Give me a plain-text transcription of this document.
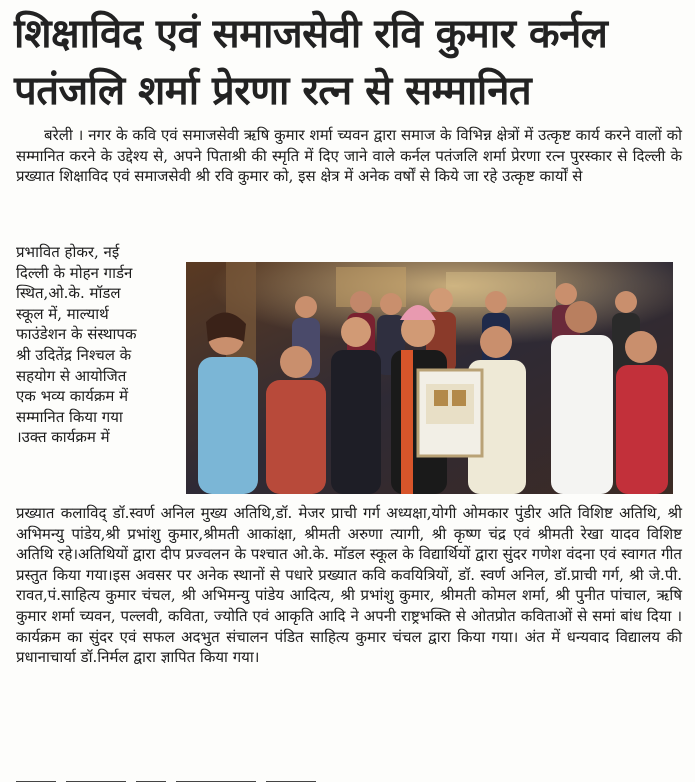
शिक्षाविद एवं समाजसेवी रवि कुमार कर्नल
पतंजलि शर्मा प्रेरणा रत्न से सम्मानित

बरेली । नगर के कवि एवं समाजसेवी ऋषि कुमार शर्मा च्यवन द्वारा समाज के विभिन्न क्षेत्रों में उत्कृष्ट कार्य करने वालों को सम्मानित करने के उद्देश्य से, अपने पिताश्री की स्मृति में दिए जाने वाले कर्नल पतंजलि शर्मा प्रेरणा रत्न पुरस्कार से दिल्ली के प्रख्यात शिक्षाविद एवं समाजसेवी श्री रवि कुमार को, इस क्षेत्र में अनेक वर्षों से किये जा रहे उत्कृष्ट कार्यों से

प्रभावित होकर, नई
दिल्ली के मोहन गार्डन
स्थित,ओ.के. मॉडल
स्कूल में, माल्यार्थ
फाउंडेशन के संस्थापक
श्री उदितेंद्र निश्चल के
सहयोग से आयोजित
एक भव्य कार्यक्रम में
सम्मानित किया गया
।उक्त कार्यक्रम में

प्रख्यात कलाविद् डॉ.स्वर्ण अनिल मुख्य अतिथि,डॉ. मेजर प्राची गर्ग अध्यक्षा,योगी ओमकार पुंडीर अति विशिष्ट अतिथि, श्री अभिमन्यु पांडेय,श्री प्रभांशु कुमार,श्रीमती आकांक्षा, श्रीमती अरुणा त्यागी, श्री कृष्ण चंद्र एवं श्रीमती रेखा यादव विशिष्ट अतिथि रहे।अतिथियों द्वारा दीप प्रज्वलन के पश्चात ओ.के. मॉडल स्कूल के विद्यार्थियों द्वारा सुंदर गणेश वंदना एवं स्वागत गीत प्रस्तुत किया गया।इस अवसर पर अनेक स्थानों से पधारे प्रख्यात कवि कवयित्रियों, डॉ. स्वर्ण अनिल, डॉ.प्राची गर्ग, श्री जे.पी. रावत,पं.साहित्य कुमार चंचल, श्री अभिमन्यु पांडेय आदित्य, श्री प्रभांशु कुमार, श्रीमती कोमल शर्मा, श्री पुनीत पांचाल, ऋषि कुमार शर्मा च्यवन, पल्लवी, कविता, ज्योति एवं आकृति आदि ने अपनी राष्ट्रभक्ति से ओतप्रोत कविताओं से समां बांध दिया ।कार्यक्रम का सुंदर एवं सफल अदभुत संचालन पंडित साहित्य कुमार चंचल द्वारा किया गया। अंत में धन्यवाद विद्यालय की प्रधानाचार्या डॉ.निर्मल द्वारा ज्ञापित किया गया।
